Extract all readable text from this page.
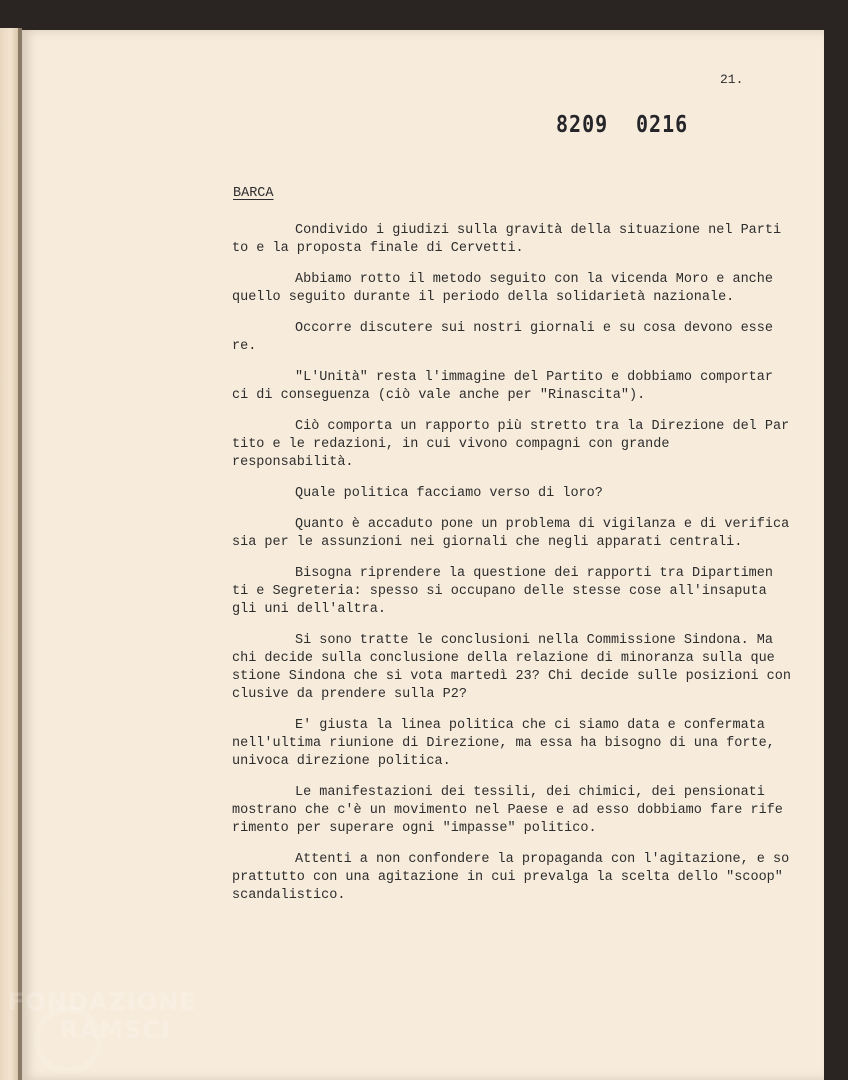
21.
8209 0216
BARCA

Condivido i giudizi sulla gravità della situazione nel Parti
to e la proposta finale di Cervetti.

Abbiamo rotto il metodo seguito con la vicenda Moro e anche
quello seguito durante il periodo della solidarietà nazionale.

Occorre discutere sui nostri giornali e su cosa devono esse
re.

"L'Unità" resta l'immagine del Partito e dobbiamo comportar
ci di conseguenza (ciò vale anche per "Rinascita").

Ciò comporta un rapporto più stretto tra la Direzione del Par
tito e le redazioni, in cui vivono compagni con grande responsabilità.

Quale politica facciamo verso di loro?

Quanto è accaduto pone un problema di vigilanza e di verifica
sia per le assunzioni nei giornali che negli apparati centrali.

Bisogna riprendere la questione dei rapporti tra Dipartimen
ti e Segreteria: spesso si occupano delle stesse cose all'insaputa
gli uni dell'altra.

Si sono tratte le conclusioni nella Commissione Sindona. Ma
chi decide sulla conclusione della relazione di minoranza sulla que
stione Sindona che si vota martedì 23? Chi decide sulle posizioni con
clusive da prendere sulla P2?

E' giusta la linea politica che ci siamo data e confermata
nell'ultima riunione di Direzione, ma essa ha bisogno di una forte,
univoca direzione politica.

Le manifestazioni dei tessili, dei chimici, dei pensionati
mostrano che c'è un movimento nel Paese e ad esso dobbiamo fare rife
rimento per superare ogni "impasse" politico.

Attenti a non confondere la propaganda con l'agitazione, e so
prattutto con una agitazione in cui prevalga la scelta dello "scoop"
scandalistico.

FONDAZIONE
RAMSCI
